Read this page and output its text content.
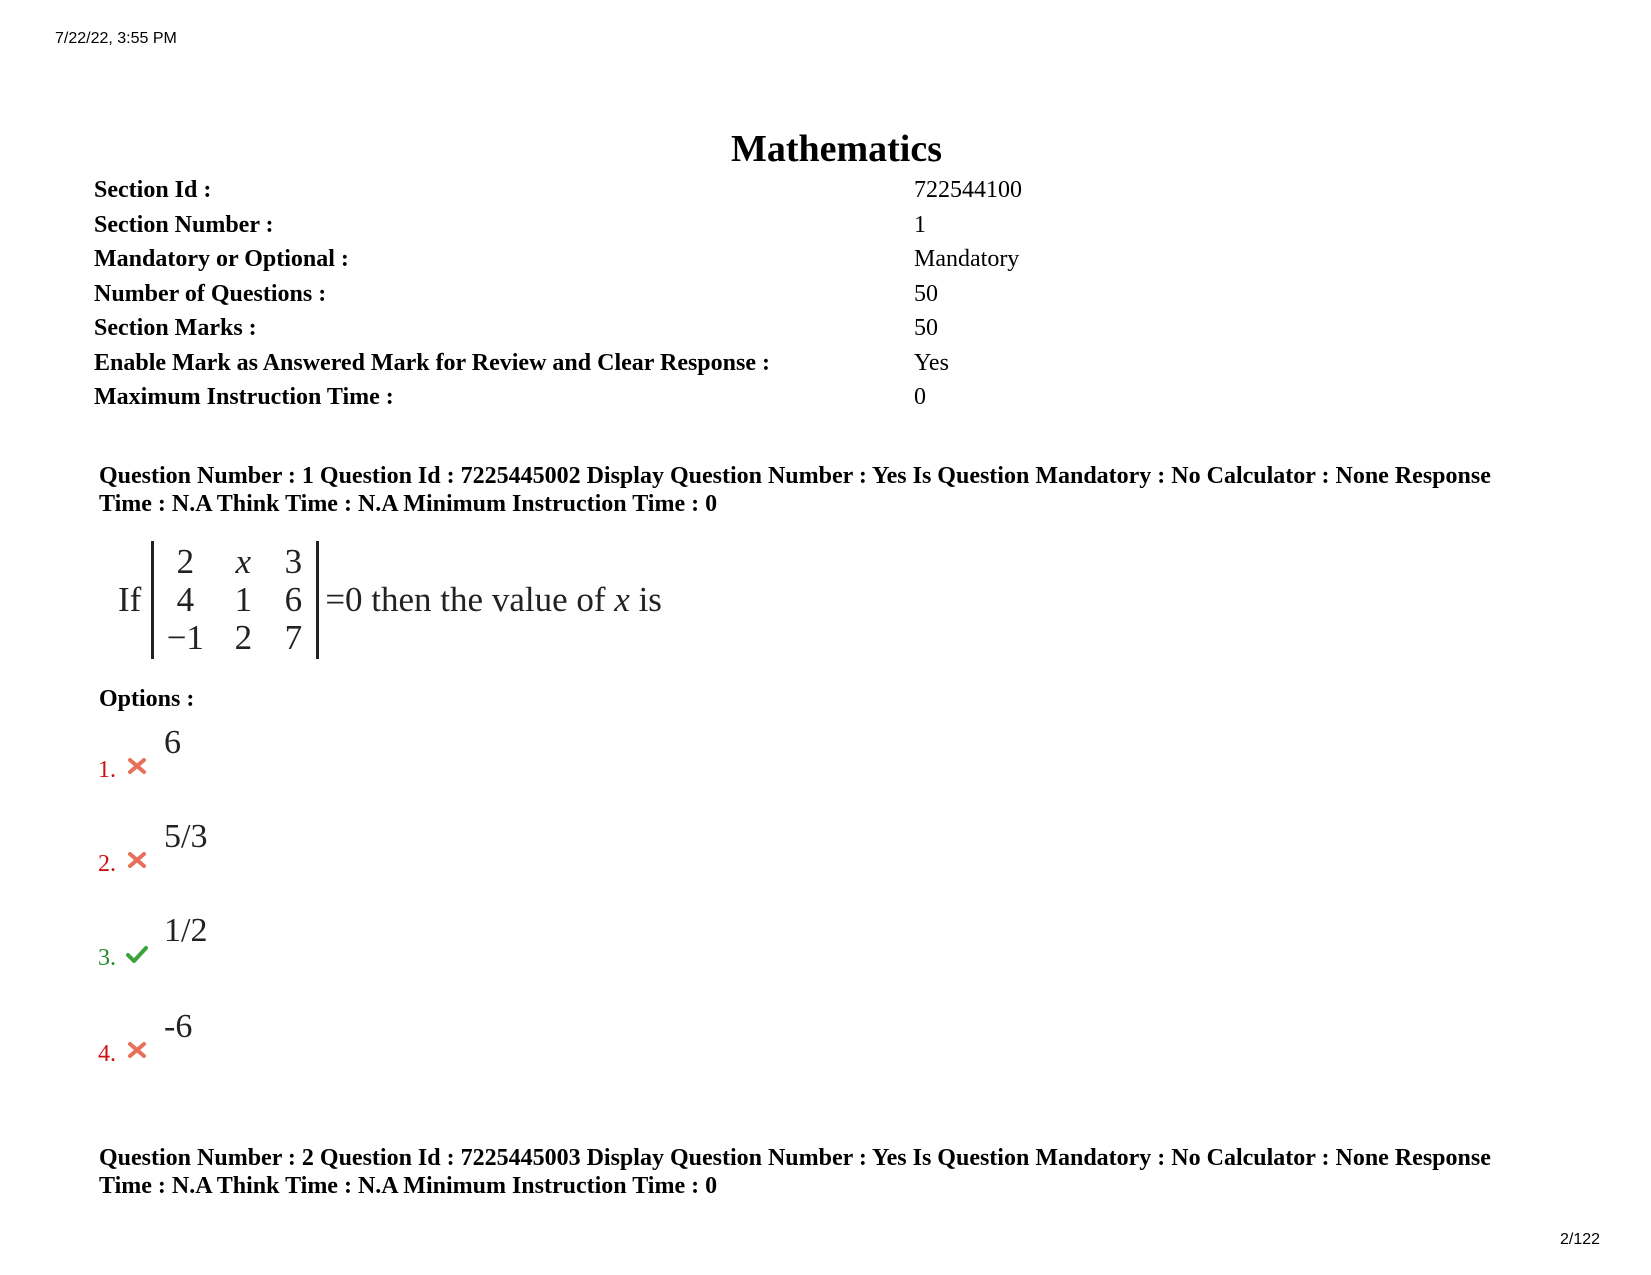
7/22/22, 3:55 PM
Mathematics
Section Id :	722544100
Section Number :	1
Mandatory or Optional :	Mandatory
Number of Questions :	50
Section Marks :	50
Enable Mark as Answered Mark for Review and Clear Response :	Yes
Maximum Instruction Time :	0
Question Number : 1 Question Id : 7225445002 Display Question Number : Yes Is Question Mandatory : No Calculator : None Response
Time : N.A Think Time : N.A Minimum Instruction Time : 0
If
2	x 3
4	1 6
−1 2 7
=0 then the value of x is
Options :
1.
6
2.
5/3
3.
1/2
4.
-6
Question Number : 2 Question Id : 7225445003 Display Question Number : Yes Is Question Mandatory : No Calculator : None Response
Time : N.A Think Time : N.A Minimum Instruction Time : 0
2/122
